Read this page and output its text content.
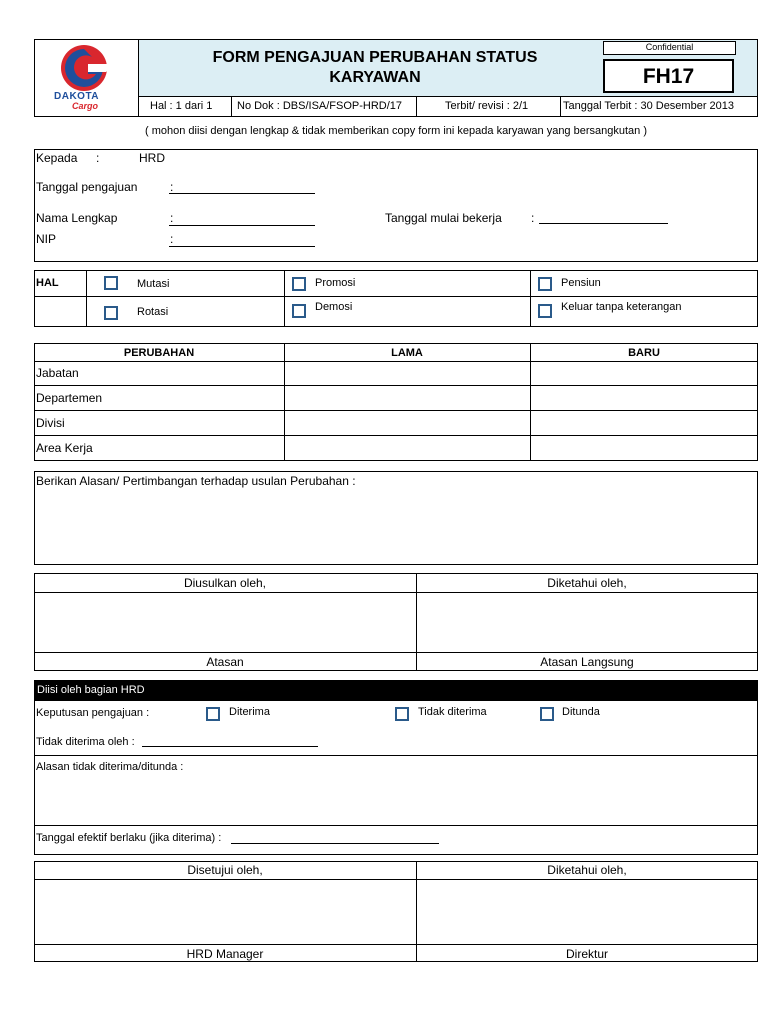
DAKOTA
Cargo
FORM PENGAJUAN PERUBAHAN STATUS
KARYAWAN
Confidential
FH17
Hal : 1 dari 1 No Dok : DBS/ISA/FSOP-HRD/17	Terbit/ revisi : 2/1	Tanggal Terbit : 30 Desember 2013
( mohon diisi dengan lengkap & tidak memberikan copy form ini kepada karyawan yang bersangkutan )
Kepada :	HRD
Tanggal pengajuan	:
Nama Lengkap	:	Tanggal mulai bekerja :
NIP	:
HAL	Mutasi	Promosi	Pensiun
Rotasi	Demosi	Keluar tanpa keterangan
PERUBAHAN	LAMA	BARU
Jabatan
Departemen
Divisi
Area Kerja
Berikan Alasan/ Pertimbangan terhadap usulan Perubahan :
Diusulkan oleh,	Diketahui oleh,
Atasan	Atasan Langsung
Diisi oleh bagian HRD
Keputusan pengajuan :	Diterima	Tidak diterima	Ditunda
Tidak diterima oleh :
Alasan tidak diterima/ditunda :
Tanggal efektif berlaku (jika diterima) :
Disetujui oleh,	Diketahui oleh,
HRD Manager	Direktur
